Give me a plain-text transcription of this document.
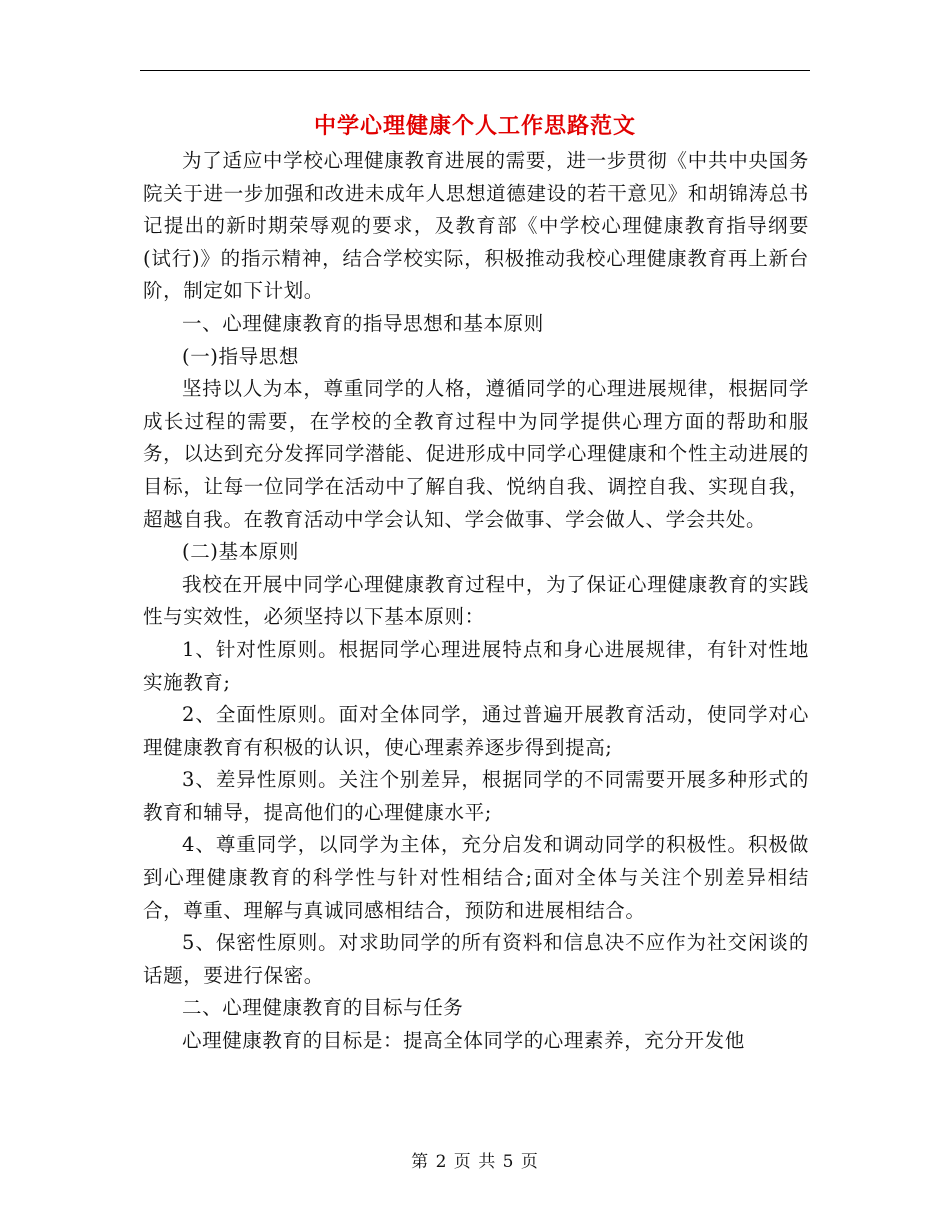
中学心理健康个人工作思路范文

为了适应中学校心理健康教育进展的需要，进一步贯彻《中共中央国务院关于进一步加强和改进未成年人思想道德建设的若干意见》和胡锦涛总书记提出的新时期荣辱观的要求，及教育部《中学校心理健康教育指导纲要(试行)》的指示精神，结合学校实际，积极推动我校心理健康教育再上新台阶，制定如下计划。

一、心理健康教育的指导思想和基本原则

(一)指导思想

坚持以人为本，尊重同学的人格，遵循同学的心理进展规律，根据同学成长过程的需要，在学校的全教育过程中为同学提供心理方面的帮助和服务，以达到充分发挥同学潜能、促进形成中同学心理健康和个性主动进展的目标，让每一位同学在活动中了解自我、悦纳自我、调控自我、实现自我，超越自我。在教育活动中学会认知、学会做事、学会做人、学会共处。

(二)基本原则

我校在开展中同学心理健康教育过程中，为了保证心理健康教育的实践性与实效性，必须坚持以下基本原则：

1、针对性原则。根据同学心理进展特点和身心进展规律，有针对性地实施教育;

2、全面性原则。面对全体同学，通过普遍开展教育活动，使同学对心理健康教育有积极的认识，使心理素养逐步得到提高;

3、差异性原则。关注个别差异，根据同学的不同需要开展多种形式的教育和辅导，提高他们的心理健康水平;

4、尊重同学，以同学为主体，充分启发和调动同学的积极性。积极做到心理健康教育的科学性与针对性相结合;面对全体与关注个别差异相结合，尊重、理解与真诚同感相结合，预防和进展相结合。

5、保密性原则。对求助同学的所有资料和信息决不应作为社交闲谈的话题，要进行保密。

二、心理健康教育的目标与任务

心理健康教育的目标是：提高全体同学的心理素养，充分开发他

第 2 页 共 5 页
